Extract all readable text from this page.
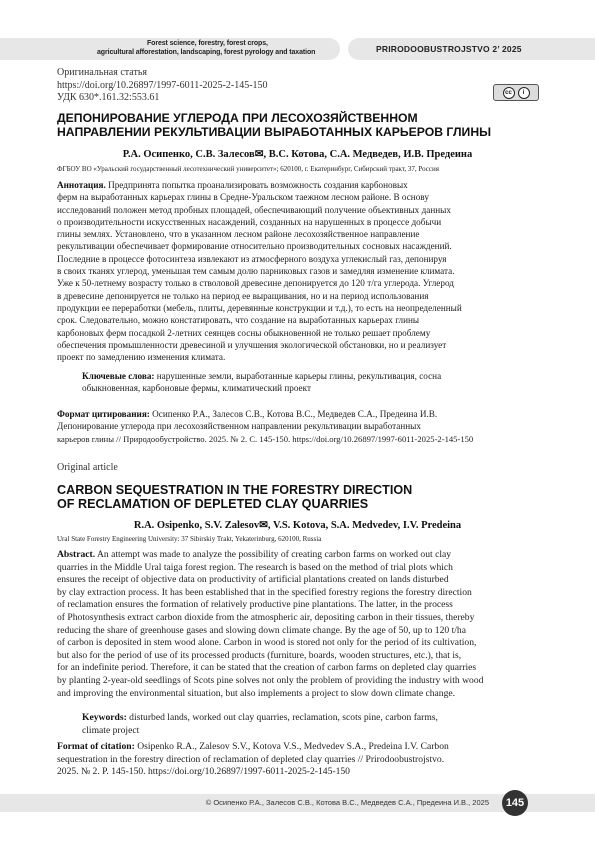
Forest science, forestry, forest crops,
agricultural afforestation, landscaping, forest pyrology and taxation	PRIRODOOBUSTROJSTVO 2’ 2025
Оригинальная статья
https://doi.org/10.26897/1997-6011-2025-2-145-150
УДК 630*.161.32:553.61	cc	i
ДЕПОНИРОВАНИЕ УГЛЕРОДА ПРИ ЛЕСОХОЗЯЙСТВЕННОМ
НАПРАВЛЕНИИ РЕКУЛЬТИВАЦИИ ВЫРАБОТАННЫХ КАРЬЕРОВ ГЛИНЫ
Р.А. Осипенко, С.В. Залесов✉, В.С. Котова, С.А. Медведев, И.В. Предеина
ФГБОУ ВО «Уральский государственный лесотехнический университет»; 620100, г. Екатеринбург, Сибирский тракт, 37, Россия
Аннотация. Предпринята попытка проанализировать возможность создания карбоновых
ферм на выработанных карьерах глины в Средне-Уральском таежном лесном районе. В основу
исследований положен метод пробных площадей, обеспечивающий получение объективных данных
о производительности искусственных насаждений, созданных на нарушенных в процессе добычи
глины землях. Установлено, что в указанном лесном районе лесохозяйственное направление
рекультивации обеспечивает формирование относительно производительных сосновых насаждений.
Последние в процессе фотосинтеза извлекают из атмосферного воздуха углекислый газ, депонируя
в своих тканях углерод, уменьшая тем самым долю парниковых газов и замедляя изменение климата.
Уже к 50-летнему возрасту только в стволовой древесине депонируется до 120 т/га углерода. Углерод
в древесине депонируется не только на период ее выращивания, но и на период использования
продукции ее переработки (мебель, плиты, деревянные конструкции и т.д.), то есть на неопределенный
срок. Следовательно, можно констатировать, что создание на выработанных карьерах глины
карбоновых ферм посадкой 2-летних сеянцев сосны обыкновенной не только решает проблему
обеспечения промышленности древесиной и улучшения экологической обстановки, но и реализует
проект по замедлению изменения климата.
Ключевые слова: нарушенные земли, выработанные карьеры глины, рекультивация, сосна
обыкновенная, карбоновые фермы, климатический проект
Формат цитирования: Осипенко Р.А., Залесов С.В., Котова В.С., Медведев С.А., Предеина И.В.
Депонирование углерода при лесохозяйственном направлении рекультивации выработанных
карьеров глины // Природообустройство. 2025. № 2. С. 145-150. https://doi.org/10.26897/1997-6011-2025-2-145-150
Original article
CARBON SEQUESTRATION IN THE FORESTRY DIRECTION
OF RECLAMATION OF DEPLETED CLAY QUARRIES
R.A. Osipenko, S.V. Zalesov✉, V.S. Kotova, S.A. Medvedev, I.V. Predeina
Ural State Forestry Engineering University: 37 Sibirskiy Trakt, Yekaterinburg, 620100, Russia
Abstract. An attempt was made to analyze the possibility of creating carbon farms on worked out clay
quarries in the Middle Ural taiga forest region. The research is based on the method of trial plots which
ensures the receipt of objective data on productivity of artificial plantations created on lands disturbed
by clay extraction process. It has been established that in the specified forestry regions the forestry direction
of reclamation ensures the formation of relatively productive pine plantations. The latter, in the process
of Photosynthesis extract carbon dioxide from the atmospheric air, depositing carbon in their tissues, thereby
reducing the share of greenhouse gases and slowing down climate change. By the age of 50, up to 120 t/ha
of carbon is deposited in stem wood alone. Carbon in wood is stored not only for the period of its cultivation,
but also for the period of use of its processed products (furniture, boards, wooden structures, etc.), that is,
for an indefinite period. Therefore, it can be stated that the creation of carbon farms on depleted clay quarries
by planting 2-year-old seedlings of Scots pine solves not only the problem of providing the industry with wood
and improving the environmental situation, but also implements a project to slow down climate change.
Keywords: disturbed lands, worked out clay quarries, reclamation, scots pine, carbon farms,
climate project
Format of citation: Osipenko R.A., Zalesov S.V., Kotova V.S., Medvedev S.A., Predeina I.V. Carbon
sequestration in the forestry direction of reclamation of depleted clay quarries // Prirodoobustrojstvo.
2025. № 2. P. 145-150. https://doi.org/10.26897/1997-6011-2025-2-145-150
© Осипенко Р.А., Залесов С.В., Котова В.С., Медведев С.А., Предеина И.В., 2025	145
